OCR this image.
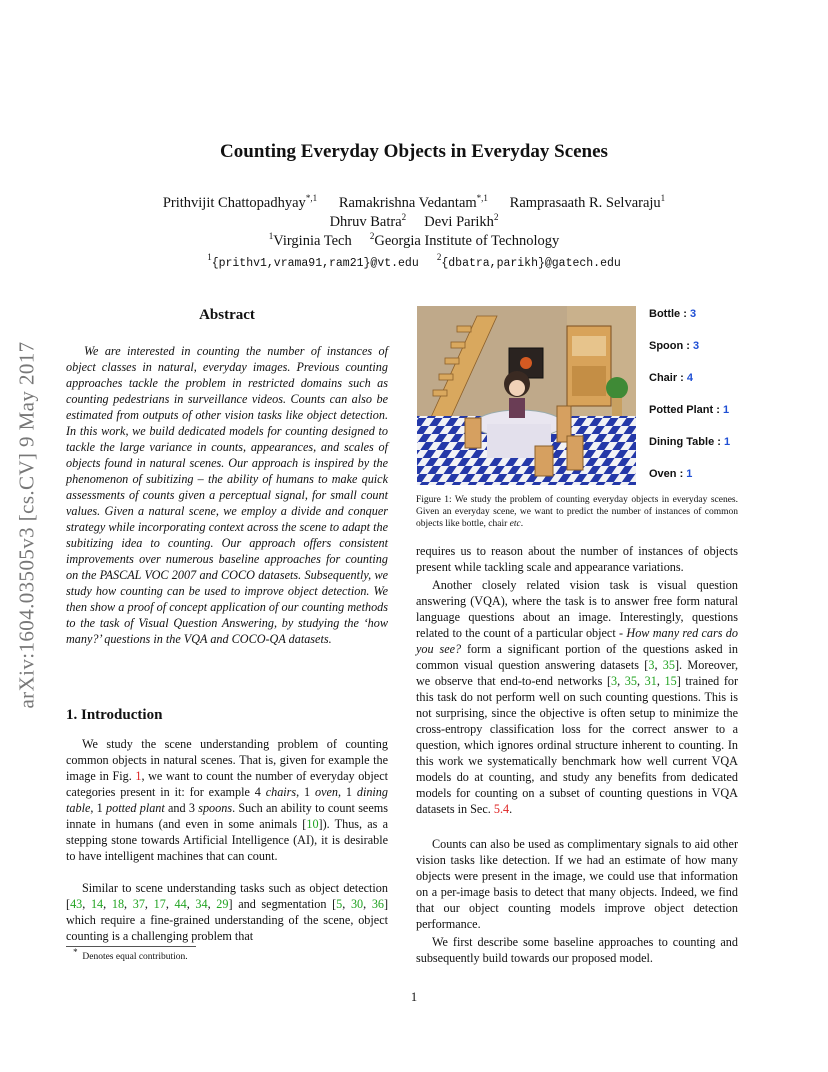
arXiv:1604.03505v3 [cs.CV] 9 May 2017
Counting Everyday Objects in Everyday Scenes
Prithvijit Chattopadhyay$^{*,1}$ Ramakrishna Vedantam$^{*,1}$ Ramprasaath R. Selvaraju$^1$
Dhruv Batra$^2$ Devi Parikh$^2$
$^1$Virginia Tech $^2$Georgia Institute of Technology
$^1${prithv1,vrama91,ram21}@vt.edu $^2${dbatra,parikh}@gatech.edu
Abstract

We are interested in counting the number of instances of object classes in natural, everyday images. Previous counting approaches tackle the problem in restricted domains such as counting pedestrians in surveillance videos. Counts can also be estimated from outputs of other vision tasks like object detection. In this work, we build dedicated models for counting designed to tackle the large variance in counts, appearances, and scales of objects found in natural scenes. Our approach is inspired by the phenomenon of subitizing – the ability of humans to make quick assessments of counts given a perceptual signal, for small count values. Given a natural scene, we employ a divide and conquer strategy while incorporating context across the scene to adapt the subitizing idea to counting. Our approach offers consistent improvements over numerous baseline approaches for counting on the PASCAL VOC 2007 and COCO datasets. Subsequently, we study how counting can be used to improve object detection. We then show a proof of concept application of our counting methods to the task of Visual Question Answering, by studying the ‘how many?’ questions in the VQA and COCO-QA datasets.

1. Introduction

We study the scene understanding problem of counting common objects in natural scenes. That is, given for example the image in Fig. 1, we want to count the number of everyday object categories present in it: for example 4 chairs, 1 oven, 1 dining table, 1 potted plant and 3 spoons. Such an ability to count seems innate in humans (and even in some animals [10]). Thus, as a stepping stone towards Artificial Intelligence (AI), it is desirable to have intelligent machines that can count.

Similar to scene understanding tasks such as object detection [43, 14, 18, 37, 17, 44, 34, 29] and segmentation [5, 30, 36] which require a fine-grained understanding of the scene, object counting is a challenging problem that

*  Denotes equal contribution.
Bottle : 3
Spoon : 3
Chair : 4
Potted Plant : 1
Dining Table : 1
Oven : 1

Figure 1: We study the problem of counting everyday objects in everyday scenes. Given an everyday scene, we want to predict the number of instances of common objects like bottle, chair etc.

requires us to reason about the number of instances of objects present while tackling scale and appearance variations.

Another closely related vision task is visual question answering (VQA), where the task is to answer free form natural language questions about an image. Interestingly, questions related to the count of a particular object - How many red cars do you see? form a significant portion of the questions asked in common visual question answering datasets [3, 35]. Moreover, we observe that end-to-end networks [3, 35, 31, 15] trained for this task do not perform well on such counting questions. This is not surprising, since the objective is often setup to minimize the cross-entropy classification loss for the correct answer to a question, which ignores ordinal structure inherent to counting. In this work we systematically benchmark how well current VQA models do at counting, and study any benefits from dedicated models for counting on a subset of counting questions in VQA datasets in Sec. 5.4.

Counts can also be used as complimentary signals to aid other vision tasks like detection. If we had an estimate of how many objects were present in the image, we could use that information on a per-image basis to detect that many objects. Indeed, we find that our object counting models improve object detection performance.

We first describe some baseline approaches to counting and subsequently build towards our proposed model.

1
